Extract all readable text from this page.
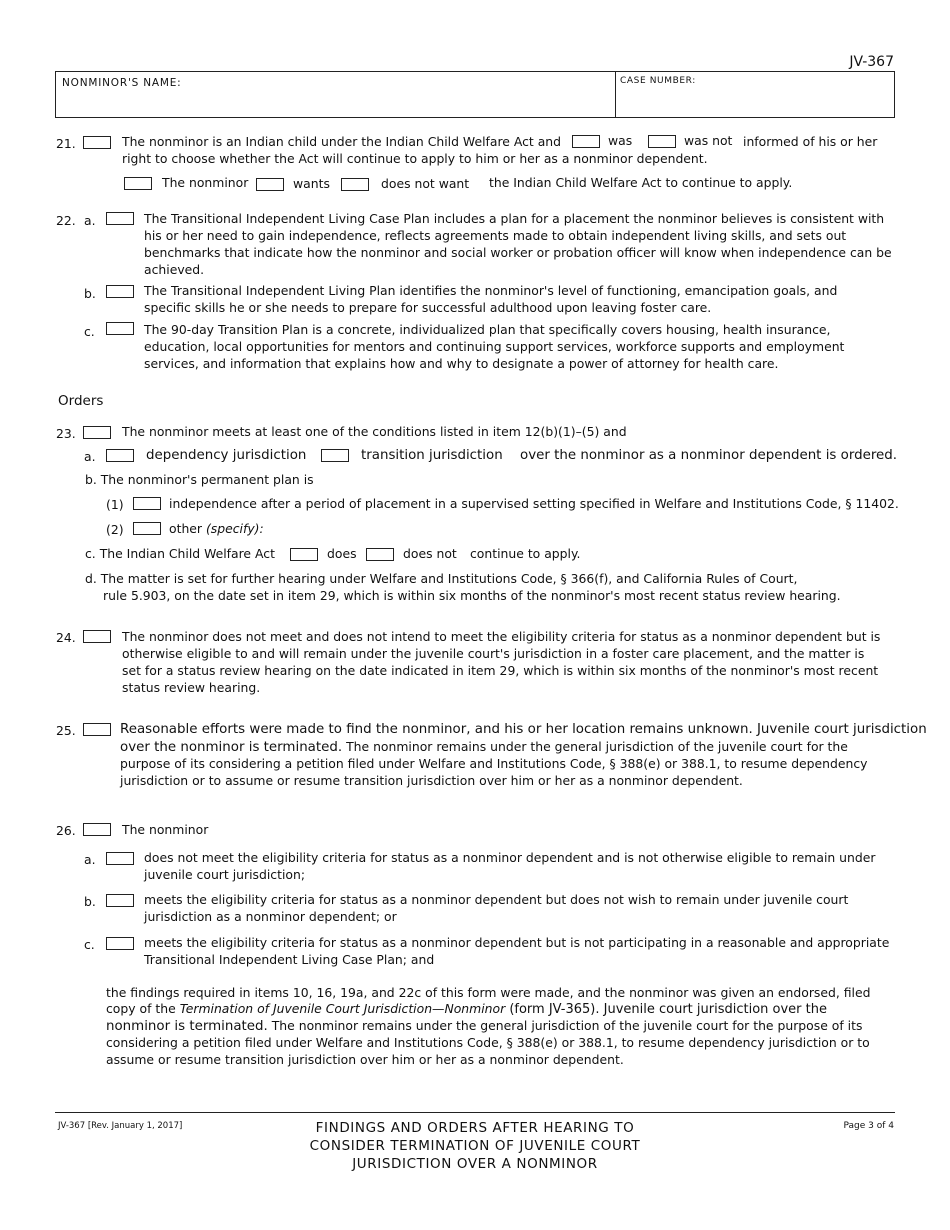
JV-367
NONMINOR'S NAME:	CASE NUMBER:
21.	The nonminor is an Indian child under the Indian Child Welfare Act and	was	was not informed of his or her
right to choose whether the Act will continue to apply to him or her as a nonminor dependent.
The nonminor	wants	does not want the Indian Child Welfare Act to continue to apply.
22. a.	The Transitional Independent Living Case Plan includes a plan for a placement the nonminor believes is consistent with his or her need to gain independence, reflects agreements made to obtain independent living skills, and sets out benchmarks that indicate how the nonminor and social worker or probation officer will know when independence can be achieved.
b.	The Transitional Independent Living Plan identifies the nonminor's level of functioning, emancipation goals, and specific skills he or she needs to prepare for successful adulthood upon leaving foster care.
c.	The 90-day Transition Plan is a concrete, individualized plan that specifically covers housing, health insurance, education, local opportunities for mentors and continuing support services, workforce supports and employment services, and information that explains how and why to designate a power of attorney for health care.
Orders
23.	The nonminor meets at least one of the conditions listed in item 12(b)(1)–(5) and
a.	dependency jurisdiction	transition jurisdiction over the nonminor as a nonminor dependent is ordered.
b. The nonminor's permanent plan is
(1)	independence after a period of placement in a supervised setting specified in Welfare and Institutions Code, § 11402.
(2)	other (specify):
c. The Indian Child Welfare Act	does	does not continue to apply.
d. The matter is set for further hearing under Welfare and Institutions Code, § 366(f), and California Rules of Court,
rule 5.903, on the date set in item 29, which is within six months of the nonminor's most recent status review hearing.
24.	The nonminor does not meet and does not intend to meet the eligibility criteria for status as a nonminor dependent but is otherwise eligible to and will remain under the juvenile court's jurisdiction in a foster care placement, and the matter is set for a status review hearing on the date indicated in item 29, which is within six months of the nonminor's most recent status review hearing.
25.	Reasonable efforts were made to find the nonminor, and his or her location remains unknown. Juvenile court jurisdiction
over the nonminor is terminated. The nonminor remains under the general jurisdiction of the juvenile court for the
purpose of its considering a petition filed under Welfare and Institutions Code, § 388(e) or 388.1, to resume dependency jurisdiction or to assume or resume transition jurisdiction over him or her as a nonminor dependent.
26.	The nonminor
a.	does not meet the eligibility criteria for status as a nonminor dependent and is not otherwise eligible to remain under juvenile court jurisdiction;
b.	meets the eligibility criteria for status as a nonminor dependent but does not wish to remain under juvenile court jurisdiction as a nonminor dependent; or
c.	meets the eligibility criteria for status as a nonminor dependent but is not participating in a reasonable and appropriate Transitional Independent Living Case Plan; and
the findings required in items 10, 16, 19a, and 22c of this form were made, and the nonminor was given an endorsed, filed
copy of the Termination of Juvenile Court Jurisdiction—Nonminor (form JV-365). Juvenile court jurisdiction over the
nonminor is terminated. The nonminor remains under the general jurisdiction of the juvenile court for the purpose of its
considering a petition filed under Welfare and Institutions Code, § 388(e) or 388.1, to resume dependency jurisdiction or to
assume or resume transition jurisdiction over him or her as a nonminor dependent.
JV-367 [Rev. January 1, 2017]	FINDINGS AND ORDERS AFTER HEARING TO
CONSIDER TERMINATION OF JUVENILE COURT
JURISDICTION OVER A NONMINOR
Page 3 of 4
